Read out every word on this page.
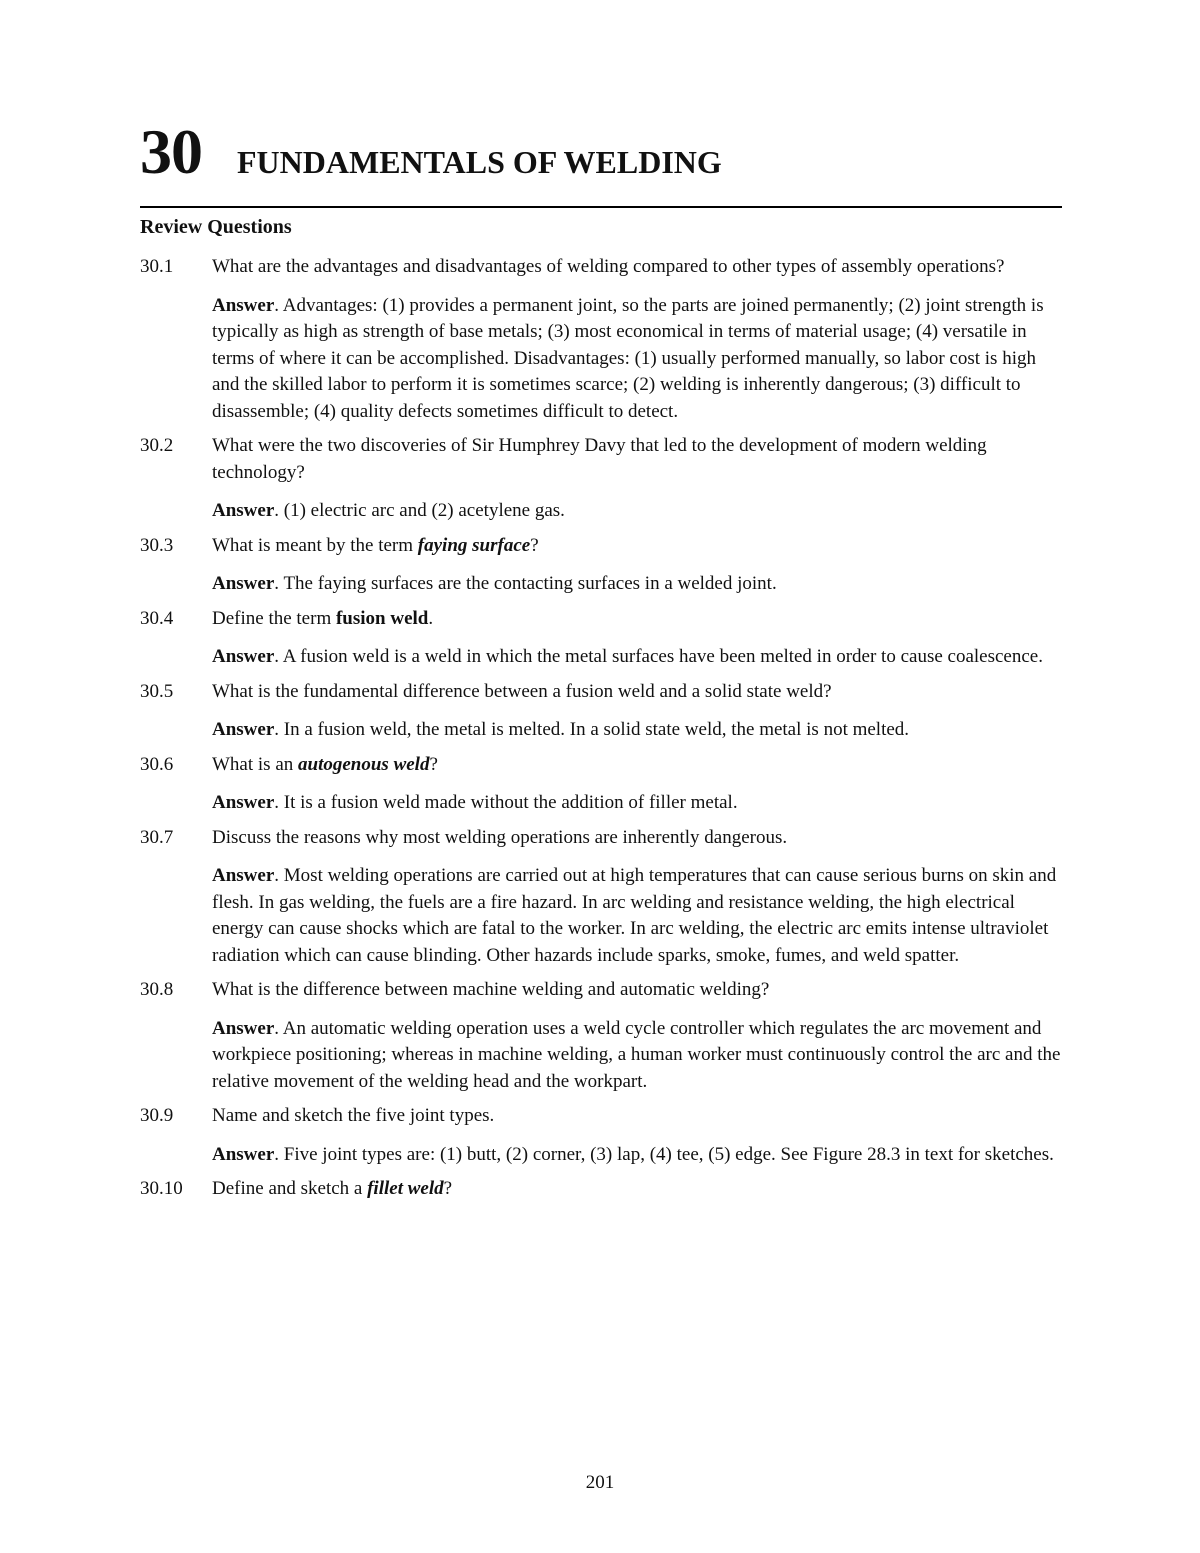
30	FUNDAMENTALS OF WELDING
Review Questions
30.1	What are the advantages and disadvantages of welding compared to other types of assembly operations?
Answer. Advantages: (1) provides a permanent joint, so the parts are joined permanently; (2) joint strength is typically as high as strength of base metals; (3) most economical in terms of material usage; (4) versatile in terms of where it can be accomplished. Disadvantages: (1) usually performed manually, so labor cost is high and the skilled labor to perform it is sometimes scarce; (2) welding is inherently dangerous; (3) difficult to disassemble; (4) quality defects sometimes difficult to detect.
30.2	What were the two discoveries of Sir Humphrey Davy that led to the development of modern welding technology?
Answer. (1) electric arc and (2) acetylene gas.
30.3	What is meant by the term faying surface?
Answer. The faying surfaces are the contacting surfaces in a welded joint.
30.4	Define the term fusion weld.
Answer. A fusion weld is a weld in which the metal surfaces have been melted in order to cause coalescence.
30.5	What is the fundamental difference between a fusion weld and a solid state weld?
Answer. In a fusion weld, the metal is melted. In a solid state weld, the metal is not melted.
30.6	What is an autogenous weld?
Answer. It is a fusion weld made without the addition of filler metal.
30.7	Discuss the reasons why most welding operations are inherently dangerous.
Answer. Most welding operations are carried out at high temperatures that can cause serious burns on skin and flesh. In gas welding, the fuels are a fire hazard. In arc welding and resistance welding, the high electrical energy can cause shocks which are fatal to the worker. In arc welding, the electric arc emits intense ultraviolet radiation which can cause blinding. Other hazards include sparks, smoke, fumes, and weld spatter.
30.8	What is the difference between machine welding and automatic welding?
Answer. An automatic welding operation uses a weld cycle controller which regulates the arc movement and workpiece positioning; whereas in machine welding, a human worker must continuously control the arc and the relative movement of the welding head and the workpart.
30.9	Name and sketch the five joint types.
Answer. Five joint types are: (1) butt, (2) corner, (3) lap, (4) tee, (5) edge. See Figure 28.3 in text for sketches.
30.10	Define and sketch a fillet weld?
201
